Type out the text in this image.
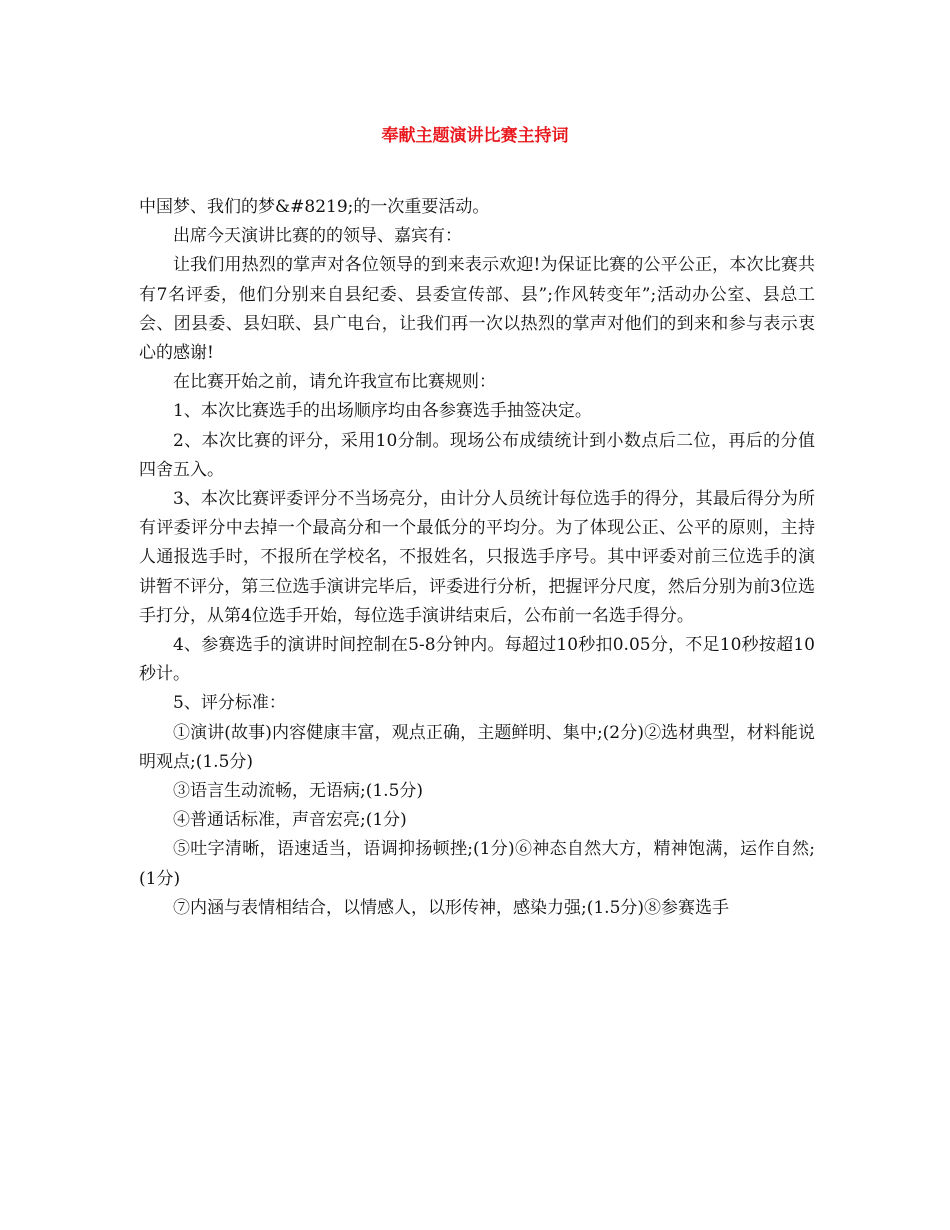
奉献主题演讲比赛主持词

中国梦、我们的梦&#8219;的一次重要活动。

出席今天演讲比赛的的领导、嘉宾有：

让我们用热烈的掌声对各位领导的到来表示欢迎!为保证比赛的公平公正，本次比赛共有7名评委，他们分别来自县纪委、县委宣传部、县”;作风转变年”;活动办公室、县总工会、团县委、县妇联、县广电台，让我们再一次以热烈的掌声对他们的到来和参与表示衷心的感谢!

在比赛开始之前，请允许我宣布比赛规则：

1、本次比赛选手的出场顺序均由各参赛选手抽签决定。

2、本次比赛的评分，采用10分制。现场公布成绩统计到小数点后二位，再后的分值四舍五入。

3、本次比赛评委评分不当场亮分，由计分人员统计每位选手的得分，其最后得分为所有评委评分中去掉一个最高分和一个最低分的平均分。为了体现公正、公平的原则，主持人通报选手时，不报所在学校名，不报姓名，只报选手序号。其中评委对前三位选手的演讲暂不评分，第三位选手演讲完毕后，评委进行分析，把握评分尺度，然后分别为前3位选手打分，从第4位选手开始，每位选手演讲结束后，公布前一名选手得分。

4、参赛选手的演讲时间控制在5-8分钟内。每超过10秒扣0.05分，不足10秒按超10秒计。

5、评分标准：

①演讲(故事)内容健康丰富，观点正确，主题鲜明、集中;(2分)②选材典型，材料能说明观点;(1.5分)

③语言生动流畅，无语病;(1.5分)

④普通话标准，声音宏亮;(1分)

⑤吐字清晰，语速适当，语调抑扬顿挫;(1分)⑥神态自然大方，精神饱满，运作自然;(1分)

⑦内涵与表情相结合，以情感人，以形传神，感染力强;(1.5分)⑧参赛选手
